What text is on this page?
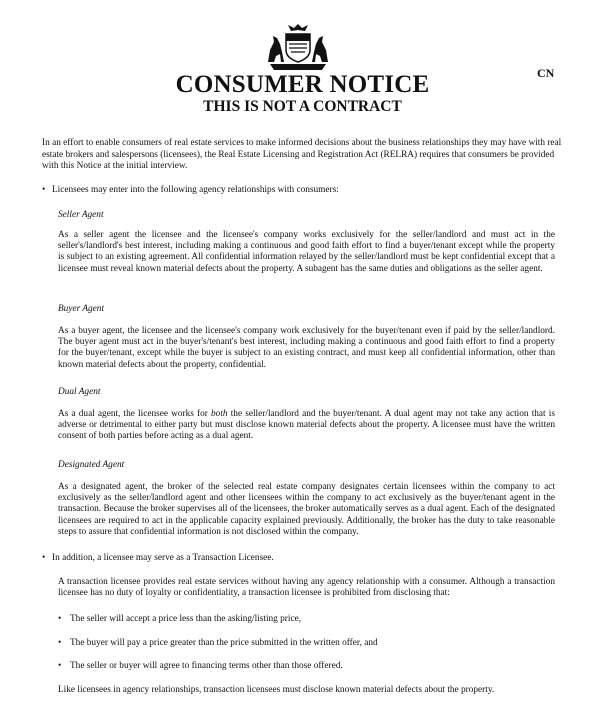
CN
CONSUMER NOTICE
THIS IS NOT A CONTRACT
In an effort to enable consumers of real estate services to make informed decisions about the business relationships they may have with real estate brokers and salespersons (licensees), the Real Estate Licensing and Registration Act (RELRA) requires that consumers be provided with this Notice at the initial interview.
• Licensees may enter into the following agency relationships with consumers:
Seller Agent
As a seller agent the licensee and the licensee's company works exclusively for the seller/landlord and must act in the seller's/landlord's best interest, including making a continuous and good faith effort to find a buyer/tenant except while the property is subject to an existing agreement. All confidential information relayed by the seller/landlord must be kept confidential except that a licensee must reveal known material defects about the property. A subagent has the same duties and obligations as the seller agent.
Buyer Agent
As a buyer agent, the licensee and the licensee's company work exclusively for the buyer/tenant even if paid by the seller/landlord. The buyer agent must act in the buyer's/tenant's best interest, including making a continuous and good faith effort to find a property for the buyer/tenant, except while the buyer is subject to an existing contract, and must keep all confidential information, other than known material defects about the property, confidential.
Dual Agent
As a dual agent, the licensee works for both the seller/landlord and the buyer/tenant. A dual agent may not take any action that is adverse or detrimental to either party but must disclose known material defects about the property. A licensee must have the written consent of both parties before acting as a dual agent.
Designated Agent
As a designated agent, the broker of the selected real estate company designates certain licensees within the company to act exclusively as the seller/landlord agent and other licensees within the company to act exclusively as the buyer/tenant agent in the transaction. Because the broker supervises all of the licensees, the broker automatically serves as a dual agent. Each of the designated licensees are required to act in the applicable capacity explained previously. Additionally, the broker has the duty to take reasonable steps to assure that confidential information is not disclosed within the company.
• In addition, a licensee may serve as a Transaction Licensee.
A transaction licensee provides real estate services without having any agency relationship with a consumer. Although a transaction licensee has no duty of loyalty or confidentiality, a transaction licensee is prohibited from disclosing that:
• The seller will accept a price less than the asking/listing price,
• The buyer will pay a price greater than the price submitted in the written offer, and
• The seller or buyer will agree to financing terms other than those offered.
Like licensees in agency relationships, transaction licensees must disclose known material defects about the property.
